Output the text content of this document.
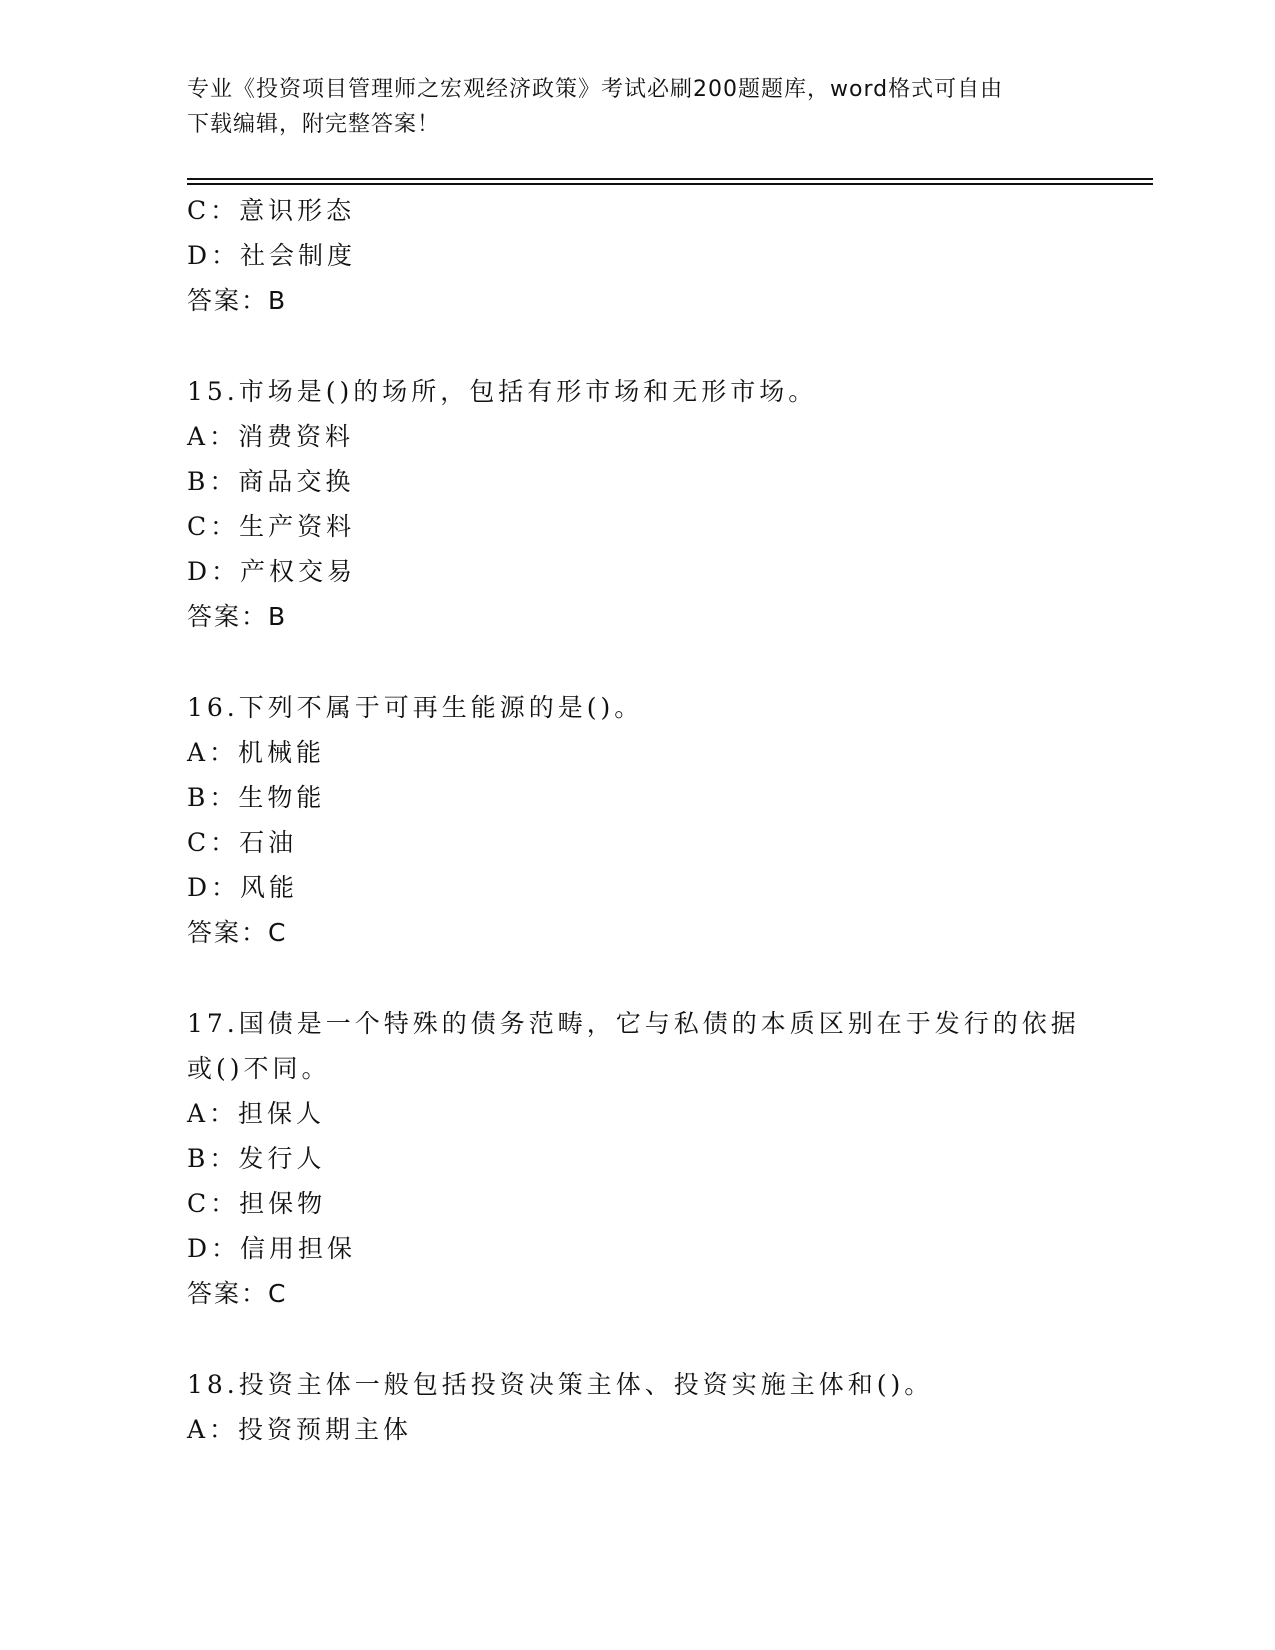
专业《投资项目管理师之宏观经济政策》考试必刷200题题库，word格式可自由
下载编辑，附完整答案！
C：意识形态
D：社会制度
答案：B
15.市场是()的场所，包括有形市场和无形市场。
A：消费资料
B：商品交换
C：生产资料
D：产权交易
答案：B
16.下列不属于可再生能源的是()。
A：机械能
B：生物能
C：石油
D：风能
答案：C
17.国债是一个特殊的债务范畴，它与私债的本质区别在于发行的依据
或()不同。
A：担保人
B：发行人
C：担保物
D：信用担保
答案：C
18.投资主体一般包括投资决策主体、投资实施主体和()。
A：投资预期主体
